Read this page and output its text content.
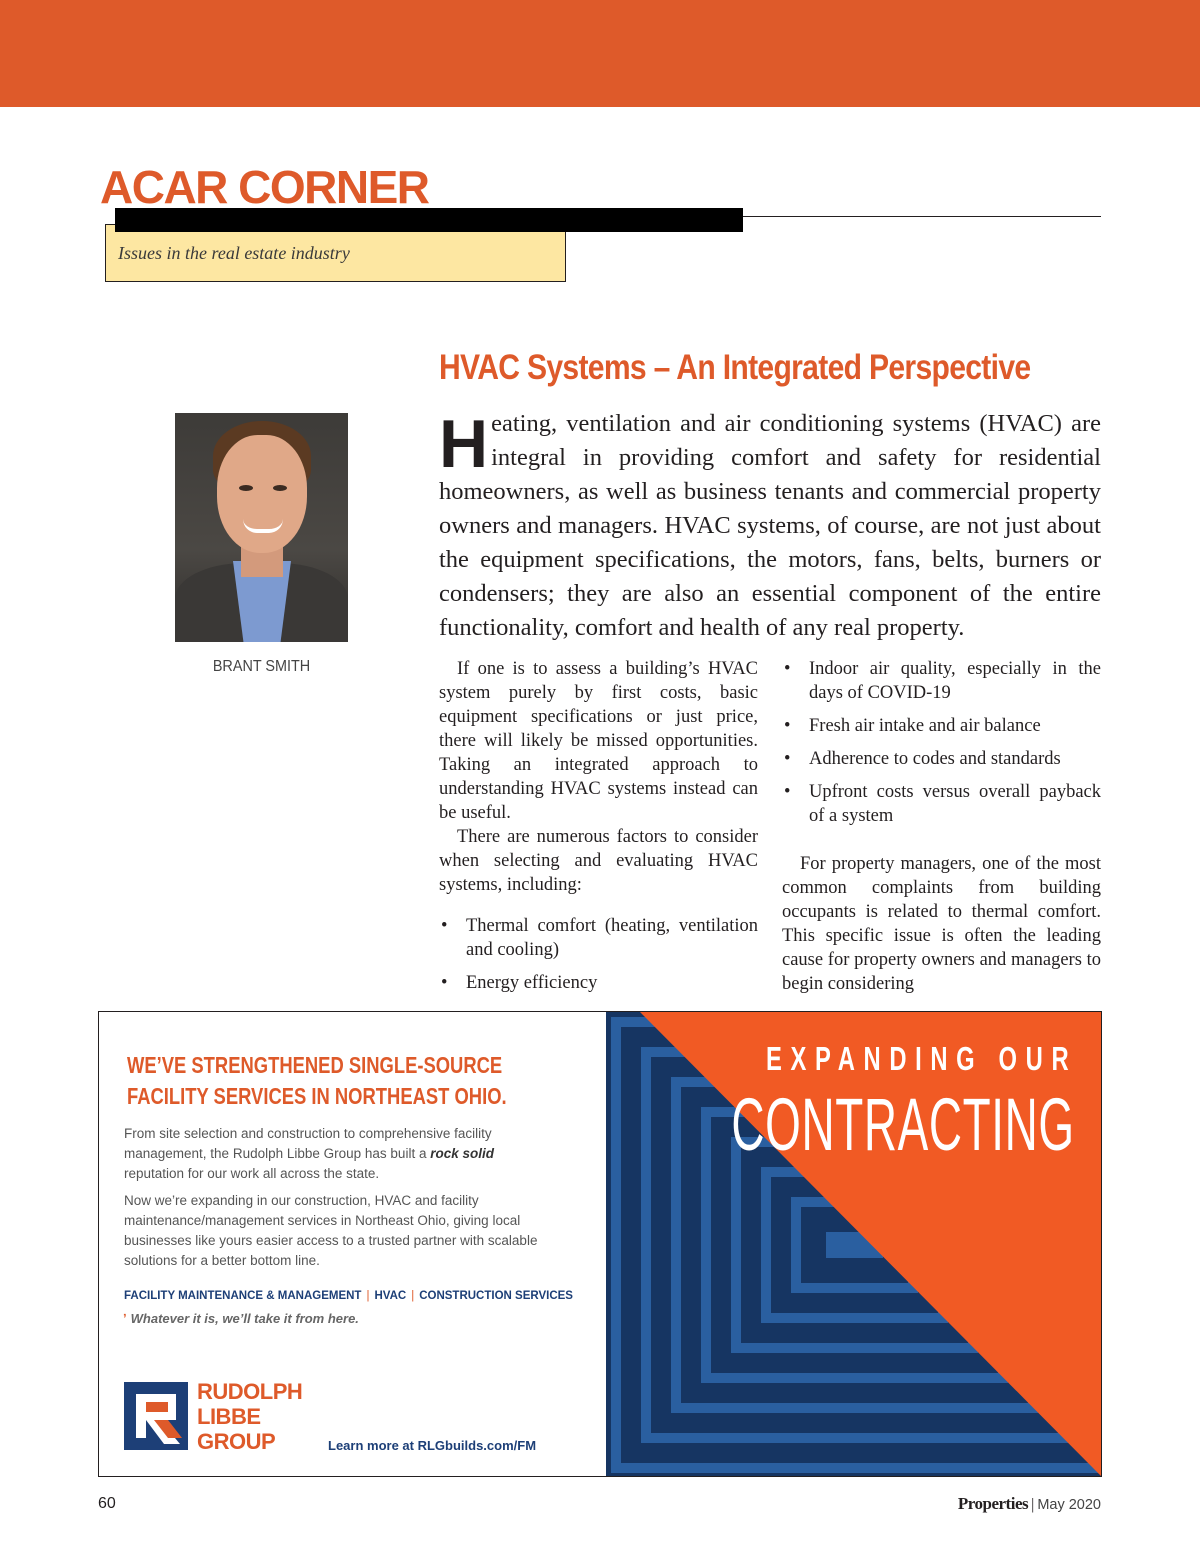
ACAR CORNER
Issues in the real estate industry
HVAC Systems – An Integrated Perspective
BRANT SMITH
Heating, ventilation and air conditioning systems (HVAC) are integral in providing comfort and safety for residential homeowners, as well as business tenants and commercial property owners and managers. HVAC systems, of course, are not just about the equipment specifications, the motors, fans, belts, burners or condensers; they are also an essential component of the entire functionality, comfort and health of any real property.

If one is to assess a building’s HVAC system purely by first costs, basic equipment specifications or just price, there will likely be missed opportunities. Taking an integrated approach to understanding HVAC systems instead can be useful.

There are numerous factors to consider when selecting and evaluating HVAC systems, including:

• Thermal comfort (heating, ventilation and cooling)
• Energy efficiency
• Indoor air quality, especially in the days of COVID-19
• Fresh air intake and air balance
• Adherence to codes and standards
• Upfront costs versus overall payback of a system

For property managers, one of the most common complaints from building occupants is related to thermal comfort. This specific issue is often the leading cause for property owners and managers to begin considering

WE’VE STRENGTHENED SINGLE-SOURCE
FACILITY SERVICES IN NORTHEAST OHIO.
From site selection and construction to comprehensive facility management, the Rudolph Libbe Group has built a rock solid reputation for our work all across the state.
Now we’re expanding in our construction, HVAC and facility maintenance/management services in Northeast Ohio, giving local businesses like yours easier access to a trusted partner with scalable solutions for a better bottom line.
FACILITY MAINTENANCE & MANAGEMENT | HVAC | CONSTRUCTION SERVICES
ʼ Whatever it is, we’ll take it from here.
RUDOLPH
LIBBE
GROUP	Learn more at RLGbuilds.com/FM
EXPANDING OUR
CONTRACTING
60	Properties | May 2020
